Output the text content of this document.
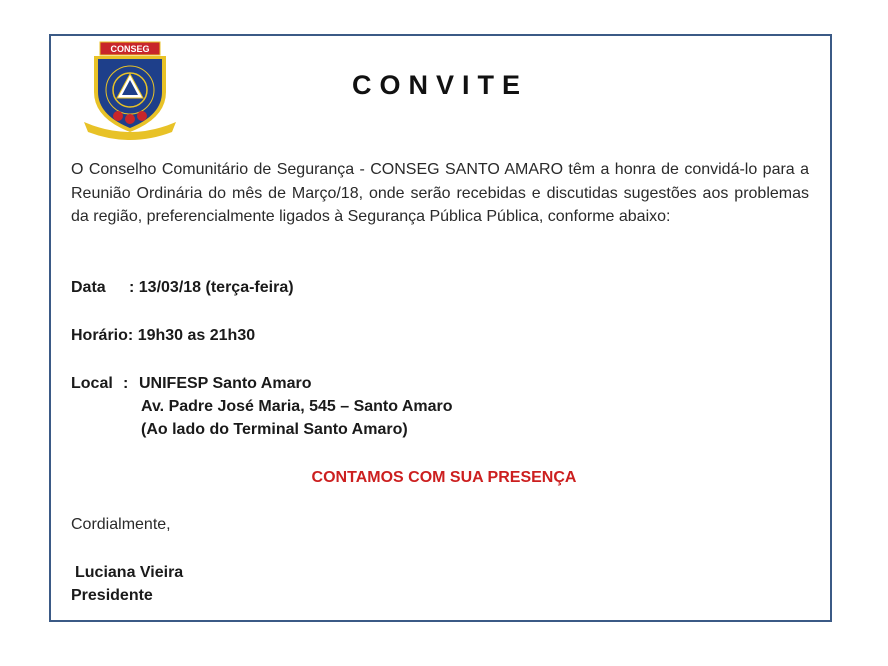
CONSEG
CONVITE
O Conselho Comunitário de Segurança - CONSEG SANTO AMARO têm a honra de convidá-lo para a Reunião Ordinária do mês de Março/18, onde serão recebidas e discutidas sugestões aos problemas da região, preferencialmente ligados à Segurança Pública Pública, conforme abaixo:
Data : 13/03/18 (terça-feira)
Horário: 19h30 as 21h30
Local : UNIFESP Santo Amaro
Av. Padre José Maria, 545 – Santo Amaro
(Ao lado do Terminal Santo Amaro)
CONTAMOS COM SUA PRESENÇA
Cordialmente,
Luciana Vieira
Presidente
